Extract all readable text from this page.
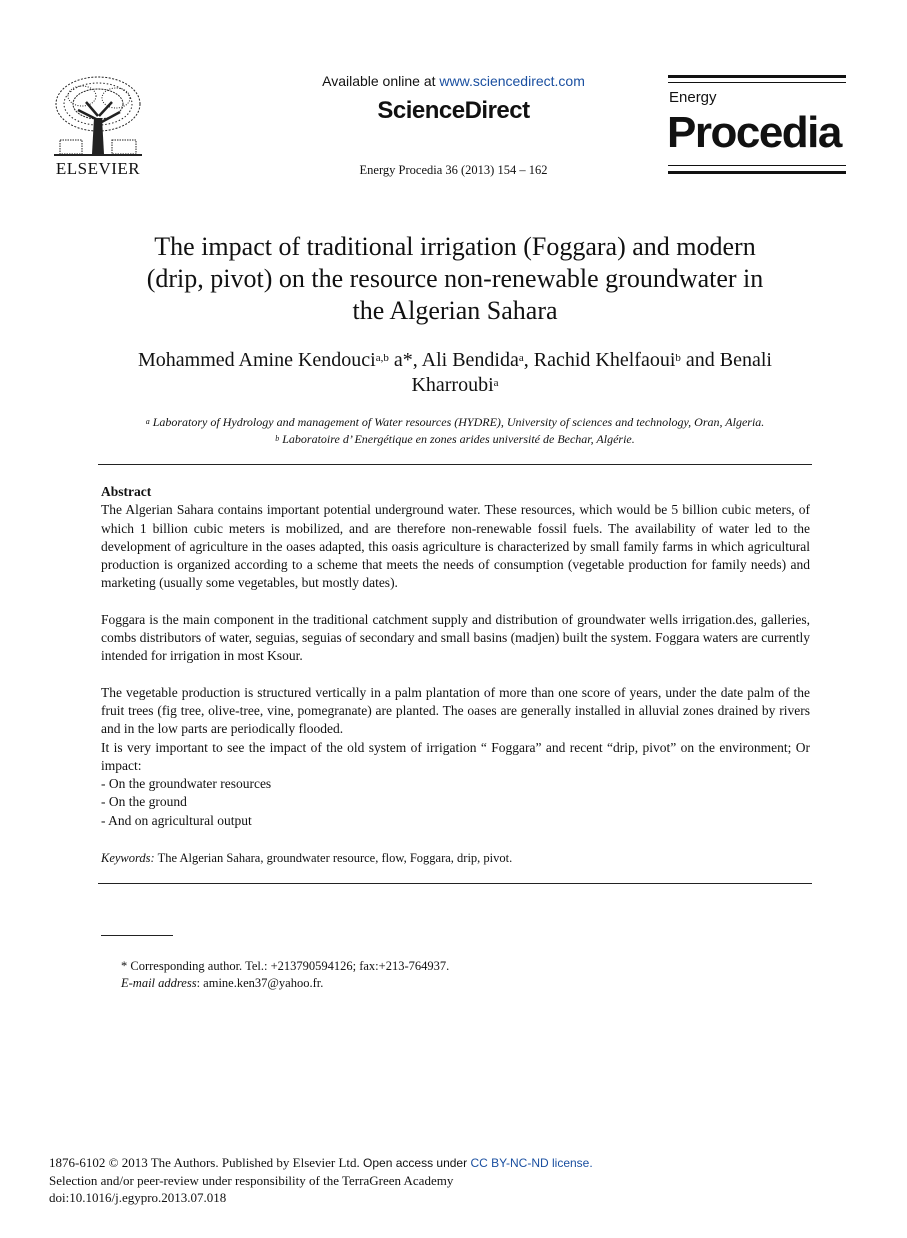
ELSEVIER
Available online at www.sciencedirect.com
ScienceDirect
Energy Procedia 36 (2013) 154 – 162
Energy
Procedia
The impact of traditional irrigation (Foggara) and modern
(drip, pivot) on the resource non-renewable groundwater in
the Algerian Sahara
Mohammed Amine Kendouci$^{a,b}$ a*, Ali Bendida$^a$, Rachid Khelfaoui$^b$ and Benali
Kharroubi$^a$
$^a$ Laboratory of Hydrology and management of Water resources (HYDRE), University of sciences and technology, Oran, Algeria.
$^b$ Laboratoire d’ Energétique en zones arides université de Bechar, Algérie.
Abstract

The Algerian Sahara contains important potential underground water. These resources, which would be 5 billion cubic meters, of which 1 billion cubic meters is mobilized, and are therefore non-renewable fossil fuels. The availability of water led to the development of agriculture in the oases adapted, this oasis agriculture is characterized by small family farms in which agricultural production is organized according to a scheme that meets the needs of consumption (vegetable production for family needs) and marketing (usually some vegetables, but mostly dates).

Foggara is the main component in the traditional catchment supply and distribution of groundwater wells irrigation.des, galleries, combs distributors of water, seguias, seguias of secondary and small basins (madjen) built the system. Foggara waters are currently intended for irrigation in most Ksour.

The vegetable production is structured vertically in a palm plantation of more than one score of years, under the date palm of the fruit trees (fig tree, olive-tree, vine, pomegranate) are planted. The oases are generally installed in alluvial zones drained by rivers and in the low parts are periodically flooded.

It is very important to see the impact of the old system of irrigation “ Foggara” and recent “drip, pivot” on the environment; Or impact:

- On the groundwater resources
- On the ground
- And on agricultural output
Keywords: The Algerian Sahara, groundwater resource, flow, Foggara, drip, pivot.
* Corresponding author. Tel.: +213790594126; fax:+213-764937.
E-mail address: amine.ken37@yahoo.fr.
1876-6102 © 2013 The Authors. Published by Elsevier Ltd. Open access under CC BY-NC-ND license.
Selection and/or peer-review under responsibility of the TerraGreen Academy
doi:10.1016/j.egypro.2013.07.018
